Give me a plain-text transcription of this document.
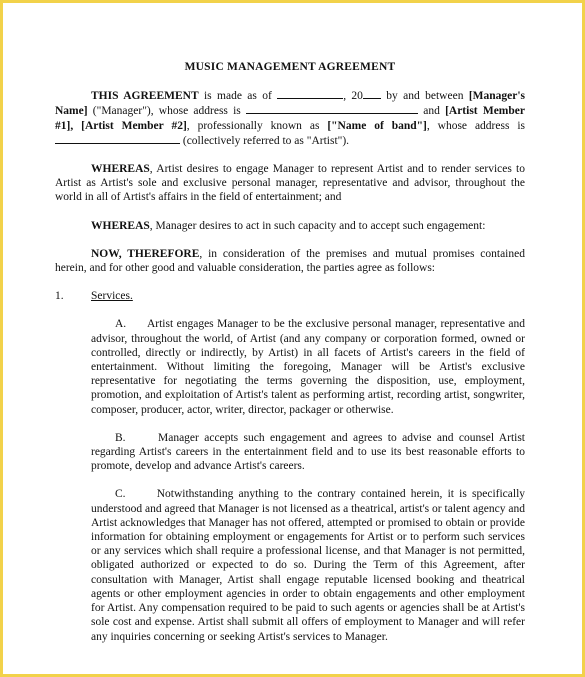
MUSIC MANAGEMENT AGREEMENT

THIS AGREEMENT is made as of	, 20 by and between [Manager's Name] ("Manager"), whose address is	and [Artist Member #1], [Artist Member #2], professionally known as ["Name of band"], whose address is  (collectively referred to as "Artist").

WHEREAS, Artist desires to engage Manager to represent Artist and to render services to Artist as Artist's sole and exclusive personal manager, representative and advisor, throughout the world in all of Artist's affairs in the field of entertainment; and

WHEREAS, Manager desires to act in such capacity and to accept such engagement:

NOW, THEREFORE, in consideration of the premises and mutual promises contained herein, and for other good and valuable consideration, the parties agree as follows:

1. Services.

A. Artist engages Manager to be the exclusive personal manager, representative and advisor, throughout the world, of Artist (and any company or corporation formed, owned or controlled, directly or indirectly, by Artist) in all facets of Artist's careers in the field of entertainment. Without limiting the foregoing, Manager will be Artist's exclusive representative for negotiating the terms governing the disposition, use, employment, promotion, and exploitation of Artist's talent as performing artist, recording artist, songwriter, composer, producer, actor, writer, director, packager or otherwise.

B.	Manager accepts such engagement and agrees to advise and counsel Artist regarding Artist's careers in the entertainment field and to use its best reasonable efforts to promote, develop and advance Artist's careers.

C.	Notwithstanding anything to the contrary contained herein, it is specifically understood and agreed that Manager is not licensed as a theatrical, artist's or talent agency and Artist acknowledges that Manager has not offered, attempted or promised to obtain or provide information for obtaining employment or engagements for Artist or to perform such services or any services which shall require a professional license, and that Manager is not permitted, obligated authorized or expected to do so. During the Term of this Agreement, after consultation with Manager, Artist shall engage reputable licensed booking and theatrical agents or other employment agencies in order to obtain engagements and other employment for Artist. Any compensation required to be paid to such agents or agencies shall be at Artist's sole cost and expense. Artist shall submit all offers of employment to Manager and will refer any inquiries concerning or seeking Artist's services to Manager.
